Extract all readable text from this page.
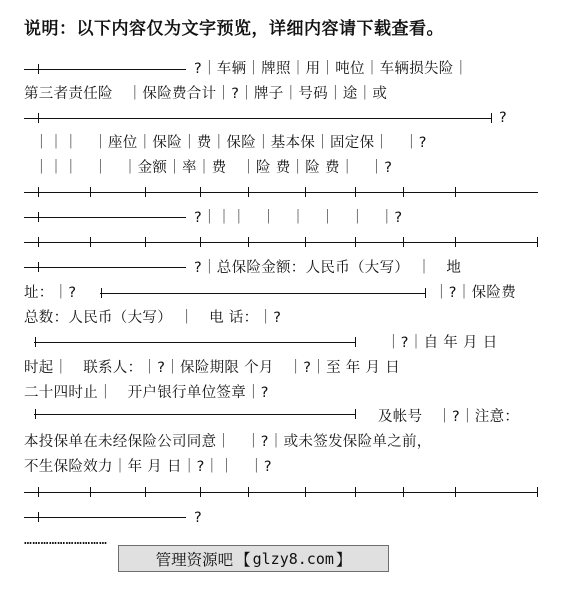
说明：以下内容仅为文字预览，详细内容请下载查看。
?｜车辆｜牌照｜用｜吨位｜车辆损失险｜
第三者责任险　｜保险费合计｜?｜牌子｜号码｜途｜或
?
｜｜｜　｜座位｜保险｜费｜保险｜基本保｜固定保｜　｜?
｜｜｜　｜　｜金额｜率｜费　｜险 费｜险 费｜　｜?
?｜｜｜　｜　｜　｜　｜　｜?
?｜总保险金额：人民币（大写）　｜　地
址：｜?	｜?｜保险费
总数：人民币（大写）　｜　电 话：｜?
｜?｜自 年 月 日
时起｜　联系人：｜?｜保险期限 个月　｜?｜至 年 月 日
二十四时止｜　开户银行单位签章｜?
及帐号　｜?｜注意：
本投保单在未经保险公司同意｜　｜?｜或未签发保险单之前，
不生保险效力｜年 月 日｜?｜｜　｜?
?
…………………………
管理资源吧 【 glzy8.com 】
